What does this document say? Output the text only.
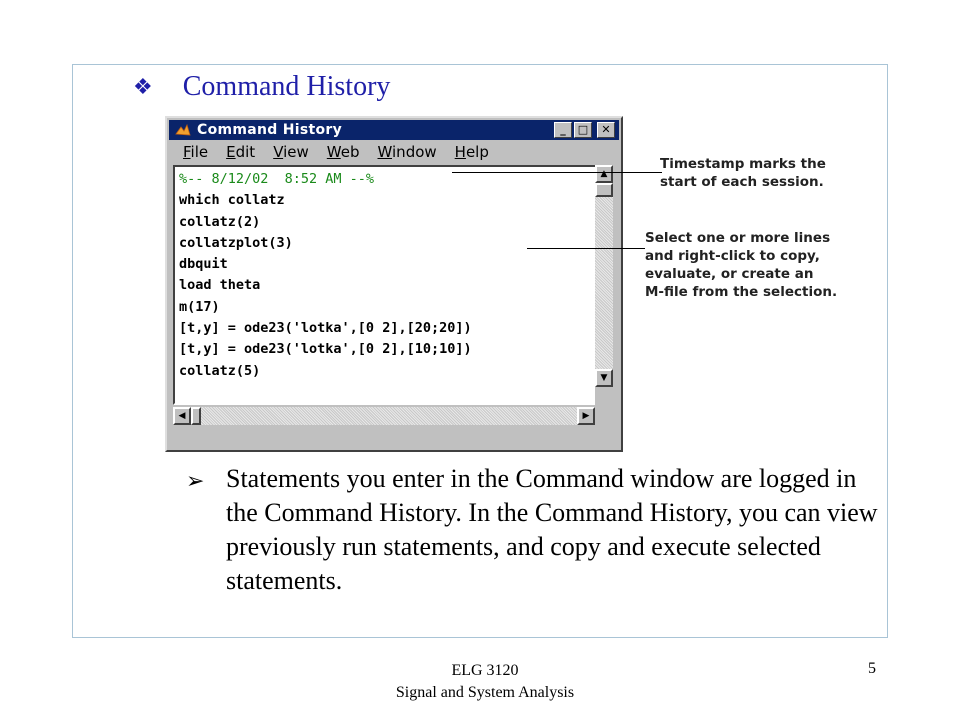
❖ Command History
Command History	_	□	✕
File Edit View Web Window Help
%-- 8/12/02  8:52 AM --%
which collatz
collatz(2)
collatzplot(3)
dbquit
load theta
m(17)
[t,y] = ode23('lotka',[0 2],[20;20])
[t,y] = ode23('lotka',[0 2],[10;10])
collatz(5)
▲
▼
◀	▶
Timestamp marks the
start of each session.
Select one or more lines
and right-click to copy,
evaluate, or create an
M-file from the selection.
➢ Statements you enter in the Command window are logged in the Command History. In the Command History, you can view previously run statements, and copy and execute selected statements.
ELG 3120
Signal and System Analysis
5
